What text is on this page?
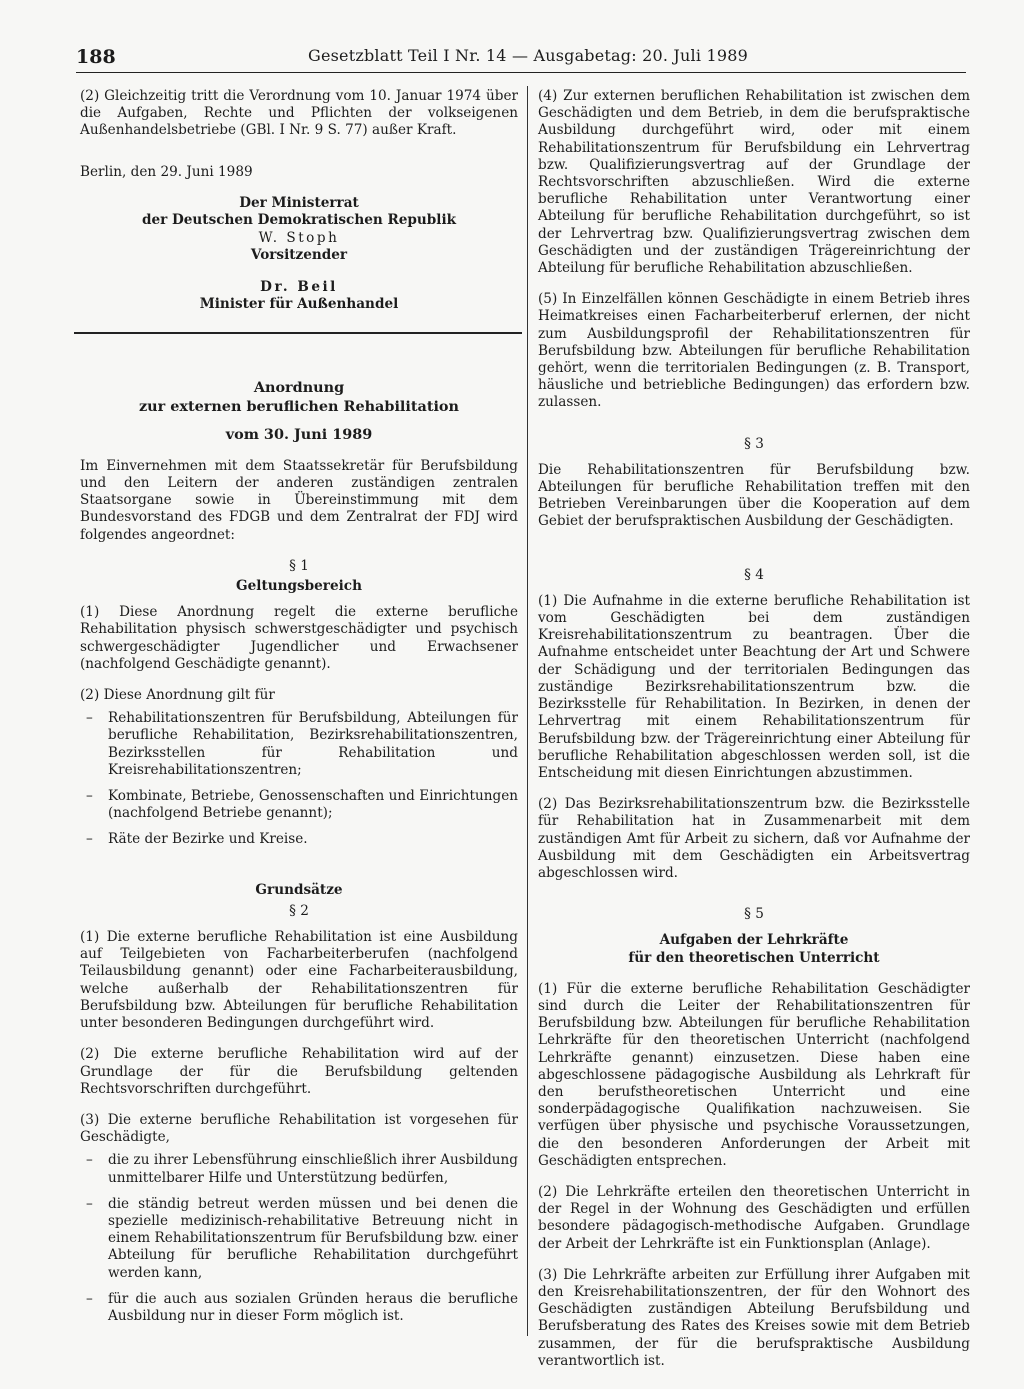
188	Gesetzblatt Teil I Nr. 14 — Ausgabetag: 20. Juli 1989

(2) Gleichzeitig tritt die Verordnung vom 10. Januar 1974 über die Aufgaben, Rechte und Pflichten der volkseigenen Außenhandelsbetriebe (GBl. I Nr. 9 S. 77) außer Kraft.

Berlin, den 29. Juni 1989

Der Ministerrat

der Deutschen Demokratischen Republik

W. Stoph

Vorsitzender

Dr. Beil

Minister für Außenhandel

Anordnung

zur externen beruflichen Rehabilitation

vom 30. Juni 1989

Im Einvernehmen mit dem Staatssekretär für Berufsbildung und den Leitern der anderen zuständigen zentralen Staatsorgane sowie in Übereinstimmung mit dem Bundesvorstand des FDGB und dem Zentralrat der FDJ wird folgendes angeordnet:

§ 1

Geltungsbereich

(1) Diese Anordnung regelt die externe berufliche Rehabilitation physisch schwerstgeschädigter und psychisch schwergeschädigter Jugendlicher und Erwachsener (nachfolgend Geschädigte genannt).

(2) Diese Anordnung gilt für

– Rehabilitationszentren für Berufsbildung, Abteilungen für berufliche Rehabilitation, Bezirksrehabilitationszentren, Bezirksstellen für Rehabilitation und Kreisrehabilitationszentren;
– Kombinate, Betriebe, Genossenschaften und Einrichtungen (nachfolgend Betriebe genannt);
– Räte der Bezirke und Kreise.

Grundsätze

§ 2

(1) Die externe berufliche Rehabilitation ist eine Ausbildung auf Teilgebieten von Facharbeiterberufen (nachfolgend Teilausbildung genannt) oder eine Facharbeiterausbildung, welche außerhalb der Rehabilitationszentren für Berufsbildung bzw. Abteilungen für berufliche Rehabilitation unter besonderen Bedingungen durchgeführt wird.

(2) Die externe berufliche Rehabilitation wird auf der Grundlage der für die Berufsbildung geltenden Rechtsvorschriften durchgeführt.

(3) Die externe berufliche Rehabilitation ist vorgesehen für Geschädigte,

– die zu ihrer Lebensführung einschließlich ihrer Ausbildung unmittelbarer Hilfe und Unterstützung bedürfen,
– die ständig betreut werden müssen und bei denen die spezielle medizinisch-rehabilitative Betreuung nicht in einem Rehabilitationszentrum für Berufsbildung bzw. einer Abteilung für berufliche Rehabilitation durchgeführt werden kann,
– für die auch aus sozialen Gründen heraus die berufliche Ausbildung nur in dieser Form möglich ist.

(4) Zur externen beruflichen Rehabilitation ist zwischen dem Geschädigten und dem Betrieb, in dem die berufspraktische Ausbildung durchgeführt wird, oder mit einem Rehabilitationszentrum für Berufsbildung ein Lehrvertrag bzw. Qualifizierungsvertrag auf der Grundlage der Rechtsvorschriften abzuschließen. Wird die externe berufliche Rehabilitation unter Verantwortung einer Abteilung für berufliche Rehabilitation durchgeführt, so ist der Lehrvertrag bzw. Qualifizierungsvertrag zwischen dem Geschädigten und der zuständigen Trägereinrichtung der Abteilung für berufliche Rehabilitation abzuschließen.

(5) In Einzelfällen können Geschädigte in einem Betrieb ihres Heimatkreises einen Facharbeiterberuf erlernen, der nicht zum Ausbildungsprofil der Rehabilitationszentren für Berufsbildung bzw. Abteilungen für berufliche Rehabilitation gehört, wenn die territorialen Bedingungen (z. B. Transport, häusliche und betriebliche Bedingungen) das erfordern bzw. zulassen.

§ 3

Die Rehabilitationszentren für Berufsbildung bzw. Abteilungen für berufliche Rehabilitation treffen mit den Betrieben Vereinbarungen über die Kooperation auf dem Gebiet der berufspraktischen Ausbildung der Geschädigten.

§ 4

(1) Die Aufnahme in die externe berufliche Rehabilitation ist vom Geschädigten bei dem zuständigen Kreisrehabilitationszentrum zu beantragen. Über die Aufnahme entscheidet unter Beachtung der Art und Schwere der Schädigung und der territorialen Bedingungen das zuständige Bezirksrehabilitationszentrum bzw. die Bezirksstelle für Rehabilitation. In Bezirken, in denen der Lehrvertrag mit einem Rehabilitationszentrum für Berufsbildung bzw. der Trägereinrichtung einer Abteilung für berufliche Rehabilitation abgeschlossen werden soll, ist die Entscheidung mit diesen Einrichtungen abzustimmen.

(2) Das Bezirksrehabilitationszentrum bzw. die Bezirksstelle für Rehabilitation hat in Zusammenarbeit mit dem zuständigen Amt für Arbeit zu sichern, daß vor Aufnahme der Ausbildung mit dem Geschädigten ein Arbeitsvertrag abgeschlossen wird.

§ 5

Aufgaben der Lehrkräfte

für den theoretischen Unterricht

(1) Für die externe berufliche Rehabilitation Geschädigter sind durch die Leiter der Rehabilitationszentren für Berufsbildung bzw. Abteilungen für berufliche Rehabilitation Lehrkräfte für den theoretischen Unterricht (nachfolgend Lehrkräfte genannt) einzusetzen. Diese haben eine abgeschlossene pädagogische Ausbildung als Lehrkraft für den berufstheoretischen Unterricht und eine sonderpädagogische Qualifikation nachzuweisen. Sie verfügen über physische und psychische Voraussetzungen, die den besonderen Anforderungen der Arbeit mit Geschädigten entsprechen.

(2) Die Lehrkräfte erteilen den theoretischen Unterricht in der Regel in der Wohnung des Geschädigten und erfüllen besondere pädagogisch-methodische Aufgaben. Grundlage der Arbeit der Lehrkräfte ist ein Funktionsplan (Anlage).

(3) Die Lehrkräfte arbeiten zur Erfüllung ihrer Aufgaben mit den Kreisrehabilitationszentren, der für den Wohnort des Geschädigten zuständigen Abteilung Berufsbildung und Berufsberatung des Rates des Kreises sowie mit dem Betrieb zusammen, der für die berufspraktische Ausbildung verantwortlich ist.
